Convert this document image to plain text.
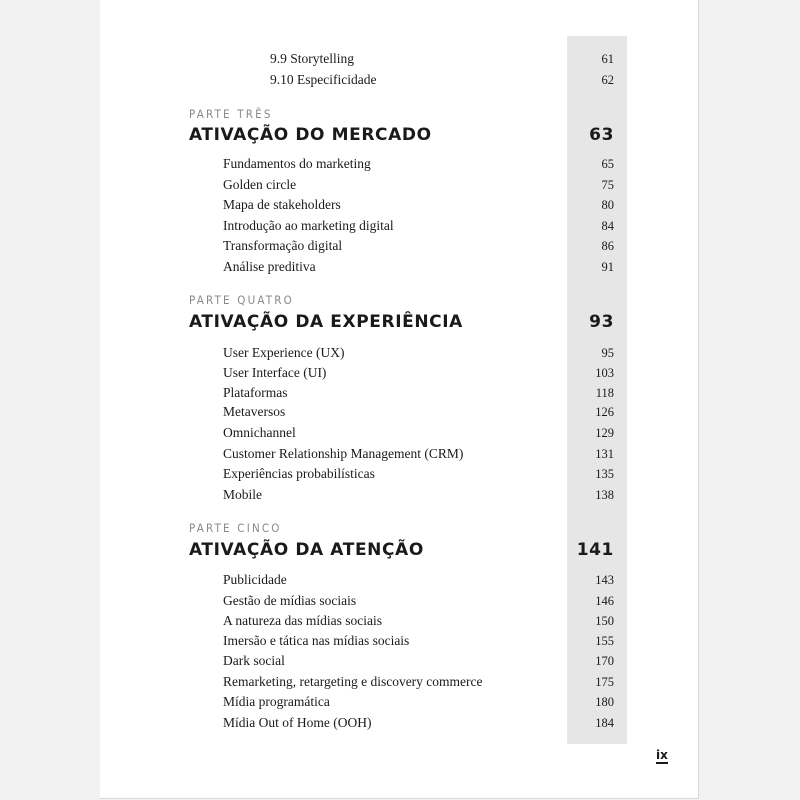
9.9 Storytelling	61
9.10 Especificidade	62
PARTE TRÊS
ATIVAÇÃO DO MERCADO	63
Fundamentos do marketing	65
Golden circle	75
Mapa de stakeholders	80
Introdução ao marketing digital	84
Transformação digital	86
Análise preditiva	91
PARTE QUATRO
ATIVAÇÃO DA EXPERIÊNCIA	93
User Experience (UX)	95
User Interface (UI)	103
Plataformas	118
Metaversos	126
Omnichannel	129
Customer Relationship Management (CRM)	131
Experiências probabilísticas	135
Mobile	138
PARTE CINCO
ATIVAÇÃO DA ATENÇÃO	141
Publicidade	143
Gestão de mídias sociais	146
A natureza das mídias sociais	150
Imersão e tática nas mídias sociais	155
Dark social	170
Remarketing, retargeting e discovery commerce	175
Mídia programática	180
Mídia Out of Home (OOH)	184
ix
